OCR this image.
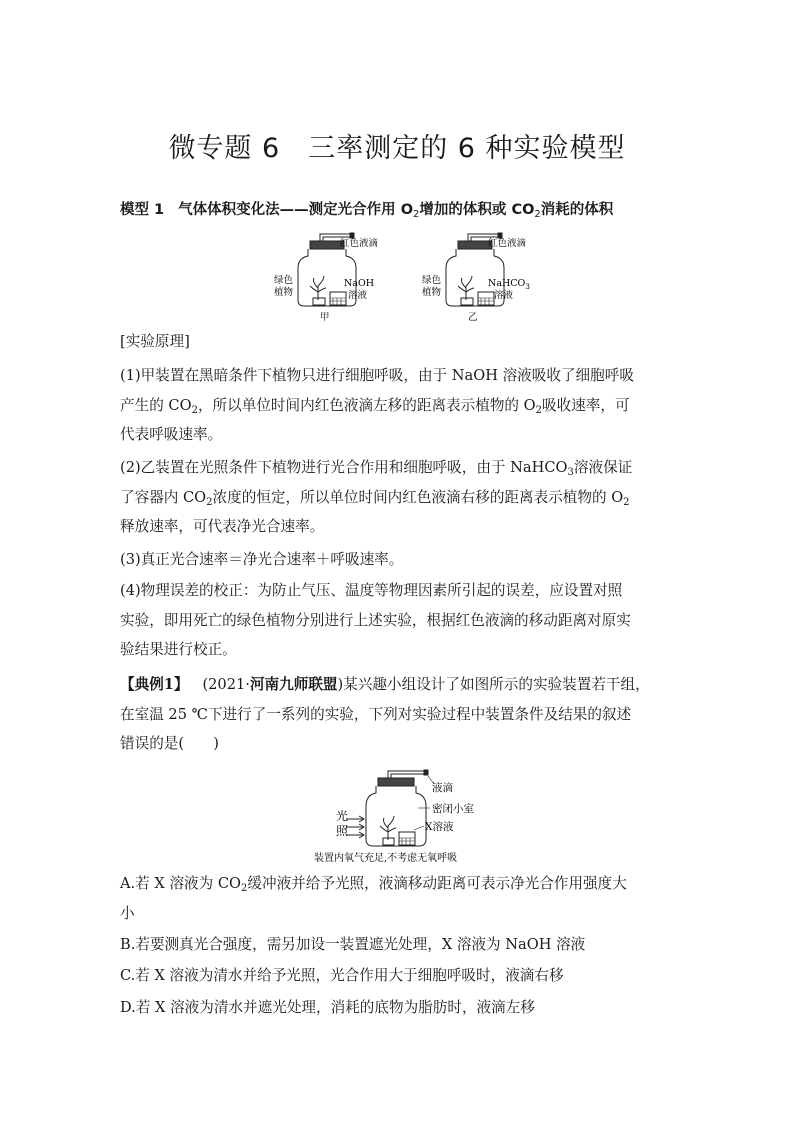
微专题 6 三率测定的 6 种实验模型
模型 1 气体体积变化法——测定光合作用 $O_2$增加的体积或 $CO_2$消耗的体积
红色液滴
绿色
植物
NaOH
溶液
甲
红色液滴
绿色
植物
NaHCO$_3$
溶液
乙
[实验原理]
(1)甲装置在黑暗条件下植物只进行细胞呼吸，由于 NaOH 溶液吸收了细胞呼吸
产生的 $CO_2$，所以单位时间内红色液滴左移的距离表示植物的 $O_2$吸收速率，可
代表呼吸速率。
(2)乙装置在光照条件下植物进行光合作用和细胞呼吸，由于 NaHCO$_3$溶液保证
了容器内 $CO_2$浓度的恒定，所以单位时间内红色液滴右移的距离表示植物的 $O_2$
释放速率，可代表净光合速率。
(3)真正光合速率＝净光合速率＋呼吸速率。
(4)物理误差的校正：为防止气压、温度等物理因素所引起的误差，应设置对照
实验，即用死亡的绿色植物分别进行上述实验，根据红色液滴的移动距离对原实
验结果进行校正。
【典例1】 (2021·河南九师联盟)某兴趣小组设计了如图所示的实验装置若干组，
在室温 25 ℃下进行了一系列的实验，下列对实验过程中装置条件及结果的叙述
错误的是(　　)
液滴
密闭小室
X溶液
光
照
装置内氧气充足,不考虑无氧呼吸
A.若 X 溶液为 $CO_2$缓冲液并给予光照，液滴移动距离可表示净光合作用强度大
小
B.若要测真光合强度，需另加设一装置遮光处理，X 溶液为 NaOH 溶液
C.若 X 溶液为清水并给予光照，光合作用大于细胞呼吸时，液滴右移
D.若 X 溶液为清水并遮光处理，消耗的底物为脂肪时，液滴左移
